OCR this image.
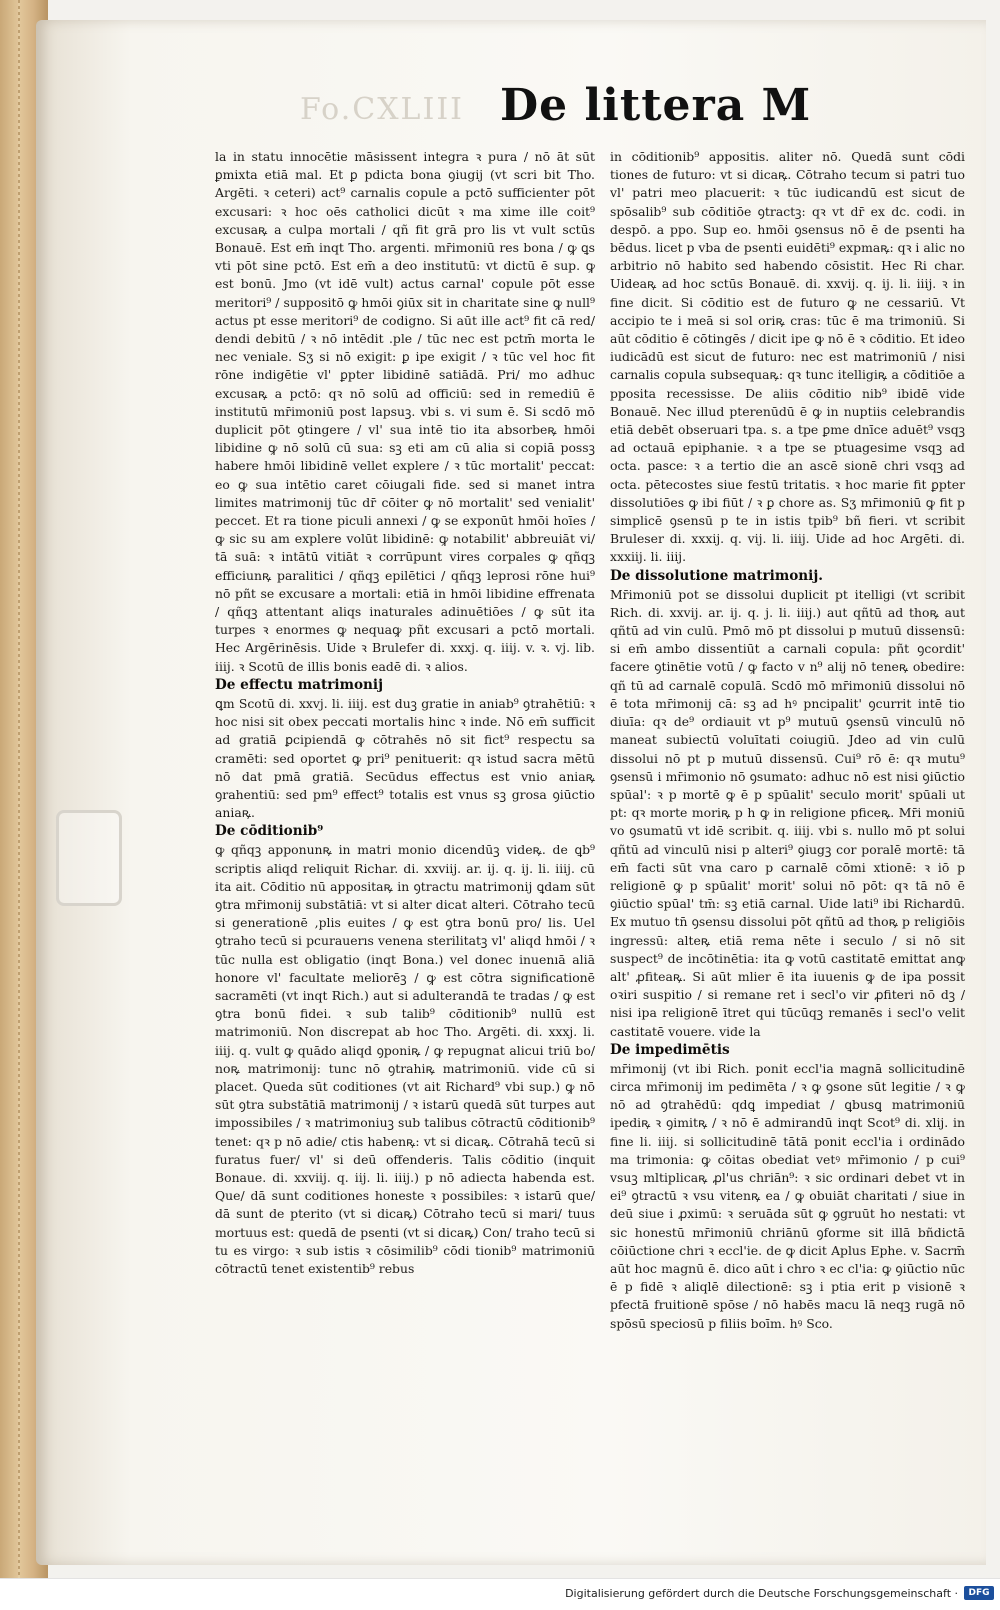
Fo.CXLIII De littera M

la in statu innocētie māsissent integra ꝛ pura / nō āt sūt ꝑmixta etiā mal. Et ꝑ pdicta bona ꝯiugij (vt scri bit Tho. Argēti. ꝛ ceteri) act⁹ carnalis copule a pctō sufficienter pōt excusari: ꝛ hoc oēs catholici dicūt ꝛ ma xime ille coit⁹ excusaꝶ a culpa mortali / qñ fit grā pro lis vt vult sctūs Bonauē. Est em̄ inqt Tho. argenti. mr̄imoniū res bona / ꝙ ꝗs vti pōt sine pctō. Est em̄ a deo institutū: vt dictū ē sup. ꝙ est bonū. Jmo (vt idē vult) actus carnal' copule pōt esse meritori⁹ / suppositō ꝙ hmōi ꝯiūx sit in charitate sine ꝙ null⁹ actus pt esse meritori⁹ de codigno. Si aūt ille act⁹ fit cā red/ dendi debitū / ꝛ nō intēdit .ple / tūc nec est pctm̄ morta le nec veniale. Sʒ si nō exigit: ꝑ ipe exigit / ꝛ tūc vel hoc fit rōne indigētie vl' ꝑpter libidinē satiādā. Pri/ mo adhuc excusaꝶ a pctō: qꝛ nō solū ad officiū: sed in remediū ē institutū mr̄imoniū post lapsuꝫ. vbi s. vi sum ē. Si scdō mō duplicit pōt ꝯtingere / vl' sua intē tio ita absorbeꝶ hmōi libidine ꝙ nō solū cū sua: sꝫ eti am cū alia si copiā possꝫ habere hmōi libidinē vellet explere / ꝛ tūc mortalit' peccat: eo ꝙ sua intētio caret cōiugali fide. sed si manet intra limites matrimonij tūc dr̄ cōiter ꝙ nō mortalit' sed venialit' peccet. Et ra tione piculi annexi / ꝙ se exponūt hmōi hoīes / ꝙ sic su am explere volūt libidinē: ꝙ notabilit' abbreuiāt vi/ tā suā: ꝛ intātū vitiāt ꝛ corrūpunt vires corpales ꝙ qñqꝫ efficiunꝶ paralitici / qñqꝫ epilētici / qñqꝫ leprosi rōne hui⁹ nō pñt se excusare a mortali: etiā in hmōi libidine effrenata / qñqꝫ attentant aliqs inaturales adinuētiōes / ꝙ sūt ita turpes ꝛ enormes ꝙ nequaꝙ pñt excusari a pctō mortali. Hec Argērinēsis. Uide ꝛ Brulefer di. xxxj. q. iiij. v. ꝛ. vj. lib. iiij. ꝛ Scotū de illis bonis eadē di. ꝛ alios.

De effectu matrimonij

ꝗm Scotū di. xxvj. li. iiij. est duꝫ gratie in aniab⁹ ꝯtrahētiū: ꝛ hoc nisi sit obex peccati mortalis hinc ꝛ inde. Nō em̄ sufficit ad gratiā ꝑcipiendā ꝙ cōtrahēs nō sit fict⁹ respectu sa cramēti: sed oportet ꝙ pri⁹ penituerit: qꝛ istud sacra mētū nō dat pmā gratiā. Secūdus effectus est vnio aniaꝶ ꝯrahentiū: sed pm⁹ effect⁹ totalis est vnus sꝫ grosa ꝯiūctio aniaꝶ.

De cōditionib⁹

ꝙ qñqꝫ apponunꝶ in matri monio dicendūꝫ videꝶ. de ꝗb⁹ scriptis aliqd reliquit Richar. di. xxviij. ar. ij. q. ij. li. iiij. cū ita ait. Cōditio nū appositaꝶ in ꝯtractu matrimonij ꝗdam sūt ꝯtra mr̄imonij substātiā: vt si alter dicat alteri. Cōtraho tecū si generationē ,plis euites / ꝙ est ꝯtra bonū pro/ lis. Uel ꝯtraho tecū si pcurauerıs venena sterilitatꝫ vl' aliqd hmōi / ꝛ tūc nulla est obligatio (inqt Bona.) vel donec inuenıā aliā honore vl' facultate meliorēꝫ / ꝙ est cōtra significationē sacramēti (vt inqt Rich.) aut si adulterandā te tradas / ꝙ est ꝯtra bonū fidei. ꝛ sub talib⁹ cōditionib⁹ nullū est matrimoniū. Non discrepat ab hoc Tho. Argēti. di. xxxj. li. iiij. q. vult ꝙ quādo aliqd ꝯponiꝶ / ꝙ repugnat alicui triū bo/ noꝶ matrimonij: tunc nō ꝯtrahiꝶ matrimoniū. vide cū si placet. Queda sūt coditiones (vt ait Richard⁹ vbi sup.) ꝙ nō sūt ꝯtra substātiā matrimonij / ꝛ istarū quedā sūt turpes aut impossibiles / ꝛ matrimoniuꝫ sub talibus cōtractū cōditionib⁹ tenet: qꝛ p nō adie/ ctis habenꝶ: vt si dicaꝶ. Cōtrahā tecū si furatus fuer/ vl' si deū offenderis. Talis cōditio (inquit Bonaue. di. xxviij. q. iij. li. iiij.) p nō adiecta habenda est. Que/ dā sunt coditiones honeste ꝛ possibiles: ꝛ istarū que/ dā sunt de pterito (vt si dicaꝶ) Cōtraho tecū si mari/ tuus mortuus est: quedā de psenti (vt si dicaꝶ) Con/ traho tecū si tu es virgo: ꝛ sub istis ꝛ cōsimilib⁹ cōdi tionib⁹ matrimoniū cōtractū tenet existentib⁹ rebus

in cōditionib⁹ appositis. aliter nō. Quedā sunt cōdi tiones de futuro: vt si dicaꝶ. Cōtraho tecum si patri tuo vl' patri meo placuerit: ꝛ tūc iudicandū est sicut de spōsalib⁹ sub cōditiōe ꝯtractꝫ: qꝛ vt dr̄ ex dc. codi. in despō. a ppo. Sup eo. hmōi ꝯsensus nō ē de psenti ha bēdus. licet p vba de psenti euidēti⁹ expmaꝶ: qꝛ i alic no arbitrio nō habito sed habendo cōsistit. Hec Ri char. Uideaꝶ ad hoc sctūs Bonauē. di. xxvij. q. ij. li. iiij. ꝛ in fine dicit. Si cōditio est de futuro ꝙ ne cessariū. Vt accipio te i meā si sol oriꝶ cras: tūc ē ma trimoniū. Si aūt cōditio ē cōtingēs / dicit ipe ꝙ nō ē ꝛ cōditio. Et ideo iudicādū est sicut de futuro: nec est matrimoniū / nisi carnalis copula subsequaꝶ: qꝛ tunc itelligiꝶ a cōditiōe a pposita recessisse. De aliis cōditio nib⁹ ibidē vide Bonauē. Nec illud pterenūdū ē ꝙ in nuptiis celebrandis etiā debēt obseruari tpa. s. a tpe ꝑme dnīce aduēt⁹ vsqꝫ ad octauā epiphanie. ꝛ a tpe se ptuagesime vsqꝫ ad octa. pasce: ꝛ a tertio die an ascē sionē chri vsqꝫ ad octa. pētecostes siue festū tritatis. ꝛ hoc marie fit ꝑpter dissolutiōes ꝙ ibi fiūt / ꝛ ꝑ chore as. Sʒ mr̄imoniū ꝙ fit p simplicē ꝯsensū p te in istis tpib⁹ bñ fieri. vt scribit Bruleser di. xxxij. q. vij. li. iiij. Uide ad hoc Argēti. di. xxxiij. li. iiij.

De dissolutione matrimonij.

Mr̄imoniū pot se dissolui duplicit pt itelligi (vt scribit Rich. di. xxvij. ar. ij. q. j. li. iiij.) aut qñtū ad thoꝶ aut qñtū ad vin culū. Pmō mō pt dissolui p mutuū dissensū: si em̄ ambo dissentiūt a carnali copula: pñt ꝯcordit' facere ꝯtinētie votū / ꝙ facto v n⁹ alij nō teneꝶ obedire: qñ tū ad carnalē copulā. Scdō mō mr̄imoniū dissolui nō ē tota mr̄imonij cā: sꝫ ad hꝰ pncipalit' ꝯcurrit intē tio diuīa: qꝛ de⁹ ordiauit vt p⁹ mutuū ꝯsensū vinculū nō maneat subiectū voluītati coiugiū. Jdeo ad vin culū dissolui nō pt p mutuū dissensū. Cui⁹ rō ē: qꝛ mutu⁹ ꝯsensū i mr̄imonio nō ꝯsumato: adhuc nō est nisi ꝯiūctio spūal': ꝛ p mortē ꝙ ē p spūalit' seculo morit' spūali ut pt: qꝛ morte moriꝶ p h ꝙ in religione pficeꝶ. Mr̄i moniū vo ꝯsumatū vt idē scribit. q. iiij. vbi s. nullo mō pt solui qñtū ad vinculū nisi p alteri⁹ ꝯiugꝫ cor poralē mortē: tā em̄ facti sūt vna caro p carnalē cōmi xtionē: ꝛ iō p religionē ꝙ p spūalit' morit' solui nō pōt: qꝛ tā nō ē ꝯiūctio spūal' tm̄: sꝫ etiā carnal. Uide lati⁹ ibi Richardū. Ex mutuo tn̄ ꝯsensu dissolui pōt qñtū ad thoꝶ p religiōis ingressū: alteꝶ etiā rema nēte i seculo / si nō sit suspect⁹ de incōtinētia: ita ꝙ votū castitatē emittat anꝙ alt' ꝓfiteaꝶ. Si aūt mlier ē ita iuuenis ꝙ de ipa possit oꝛiri suspitio / si remane ret i secl'o vir ꝓfiteri nō dꝫ / nisi ipa religionē ītret qui tūcūqꝫ remanēs i secl'o velit castitatē vouere. vide la

De impedimētis

mr̄imonij (vt ibi Rich. ponit eccl'ia magnā sollicitudinē circa mr̄imonij im pedimēta / ꝛ ꝙ ꝯsone sūt legitie / ꝛ ꝙ nō ad ꝯtrahēdū: qdꝗ impediat / ꝗbusꝗ matrimoniū ipediꝶ ꝛ ꝯimitꝶ / ꝛ nō ē admirandū inqt Scot⁹ di. xlij. in fine li. iiij. si sollicitudinē tātā ponit eccl'ia i ordinādo ma trimonia: ꝙ cōitas obediat vetꝰ mr̄imonio / p cui⁹ vsuꝫ mltiplicaꝶ ꝓl'us chriān⁹: ꝛ sic ordinari debet vt in ei⁹ ꝯtractū ꝛ vsu vitenꝶ ea / ꝙ obuiāt charitati / siue in deū siue i ꝓximū: ꝛ seruāda sūt ꝙ ꝯgruūt ho nestati: vt sic honestū mr̄imoniū chriānū ꝯforme sit illā bñdictā cōiūctione chri ꝛ eccl'ie. de ꝙ dicit Aplus Ephe. v. Sacrm̄ aūt hoc magnū ē. dico aūt i chro ꝛ ec cl'ia: ꝙ ꝯiūctio nūc ē p fidē ꝛ aliqlē dilectionē: sꝫ i ptia erit p visionē ꝛ pfectā fruitionē spōse / nō habēs macu lā neqꝫ rugā nō spōsū speciosū p filiis boīm. hꝰ Sco.

Digitalisierung gefördert durch die Deutsche Forschungsgemeinschaft ·	DFG
